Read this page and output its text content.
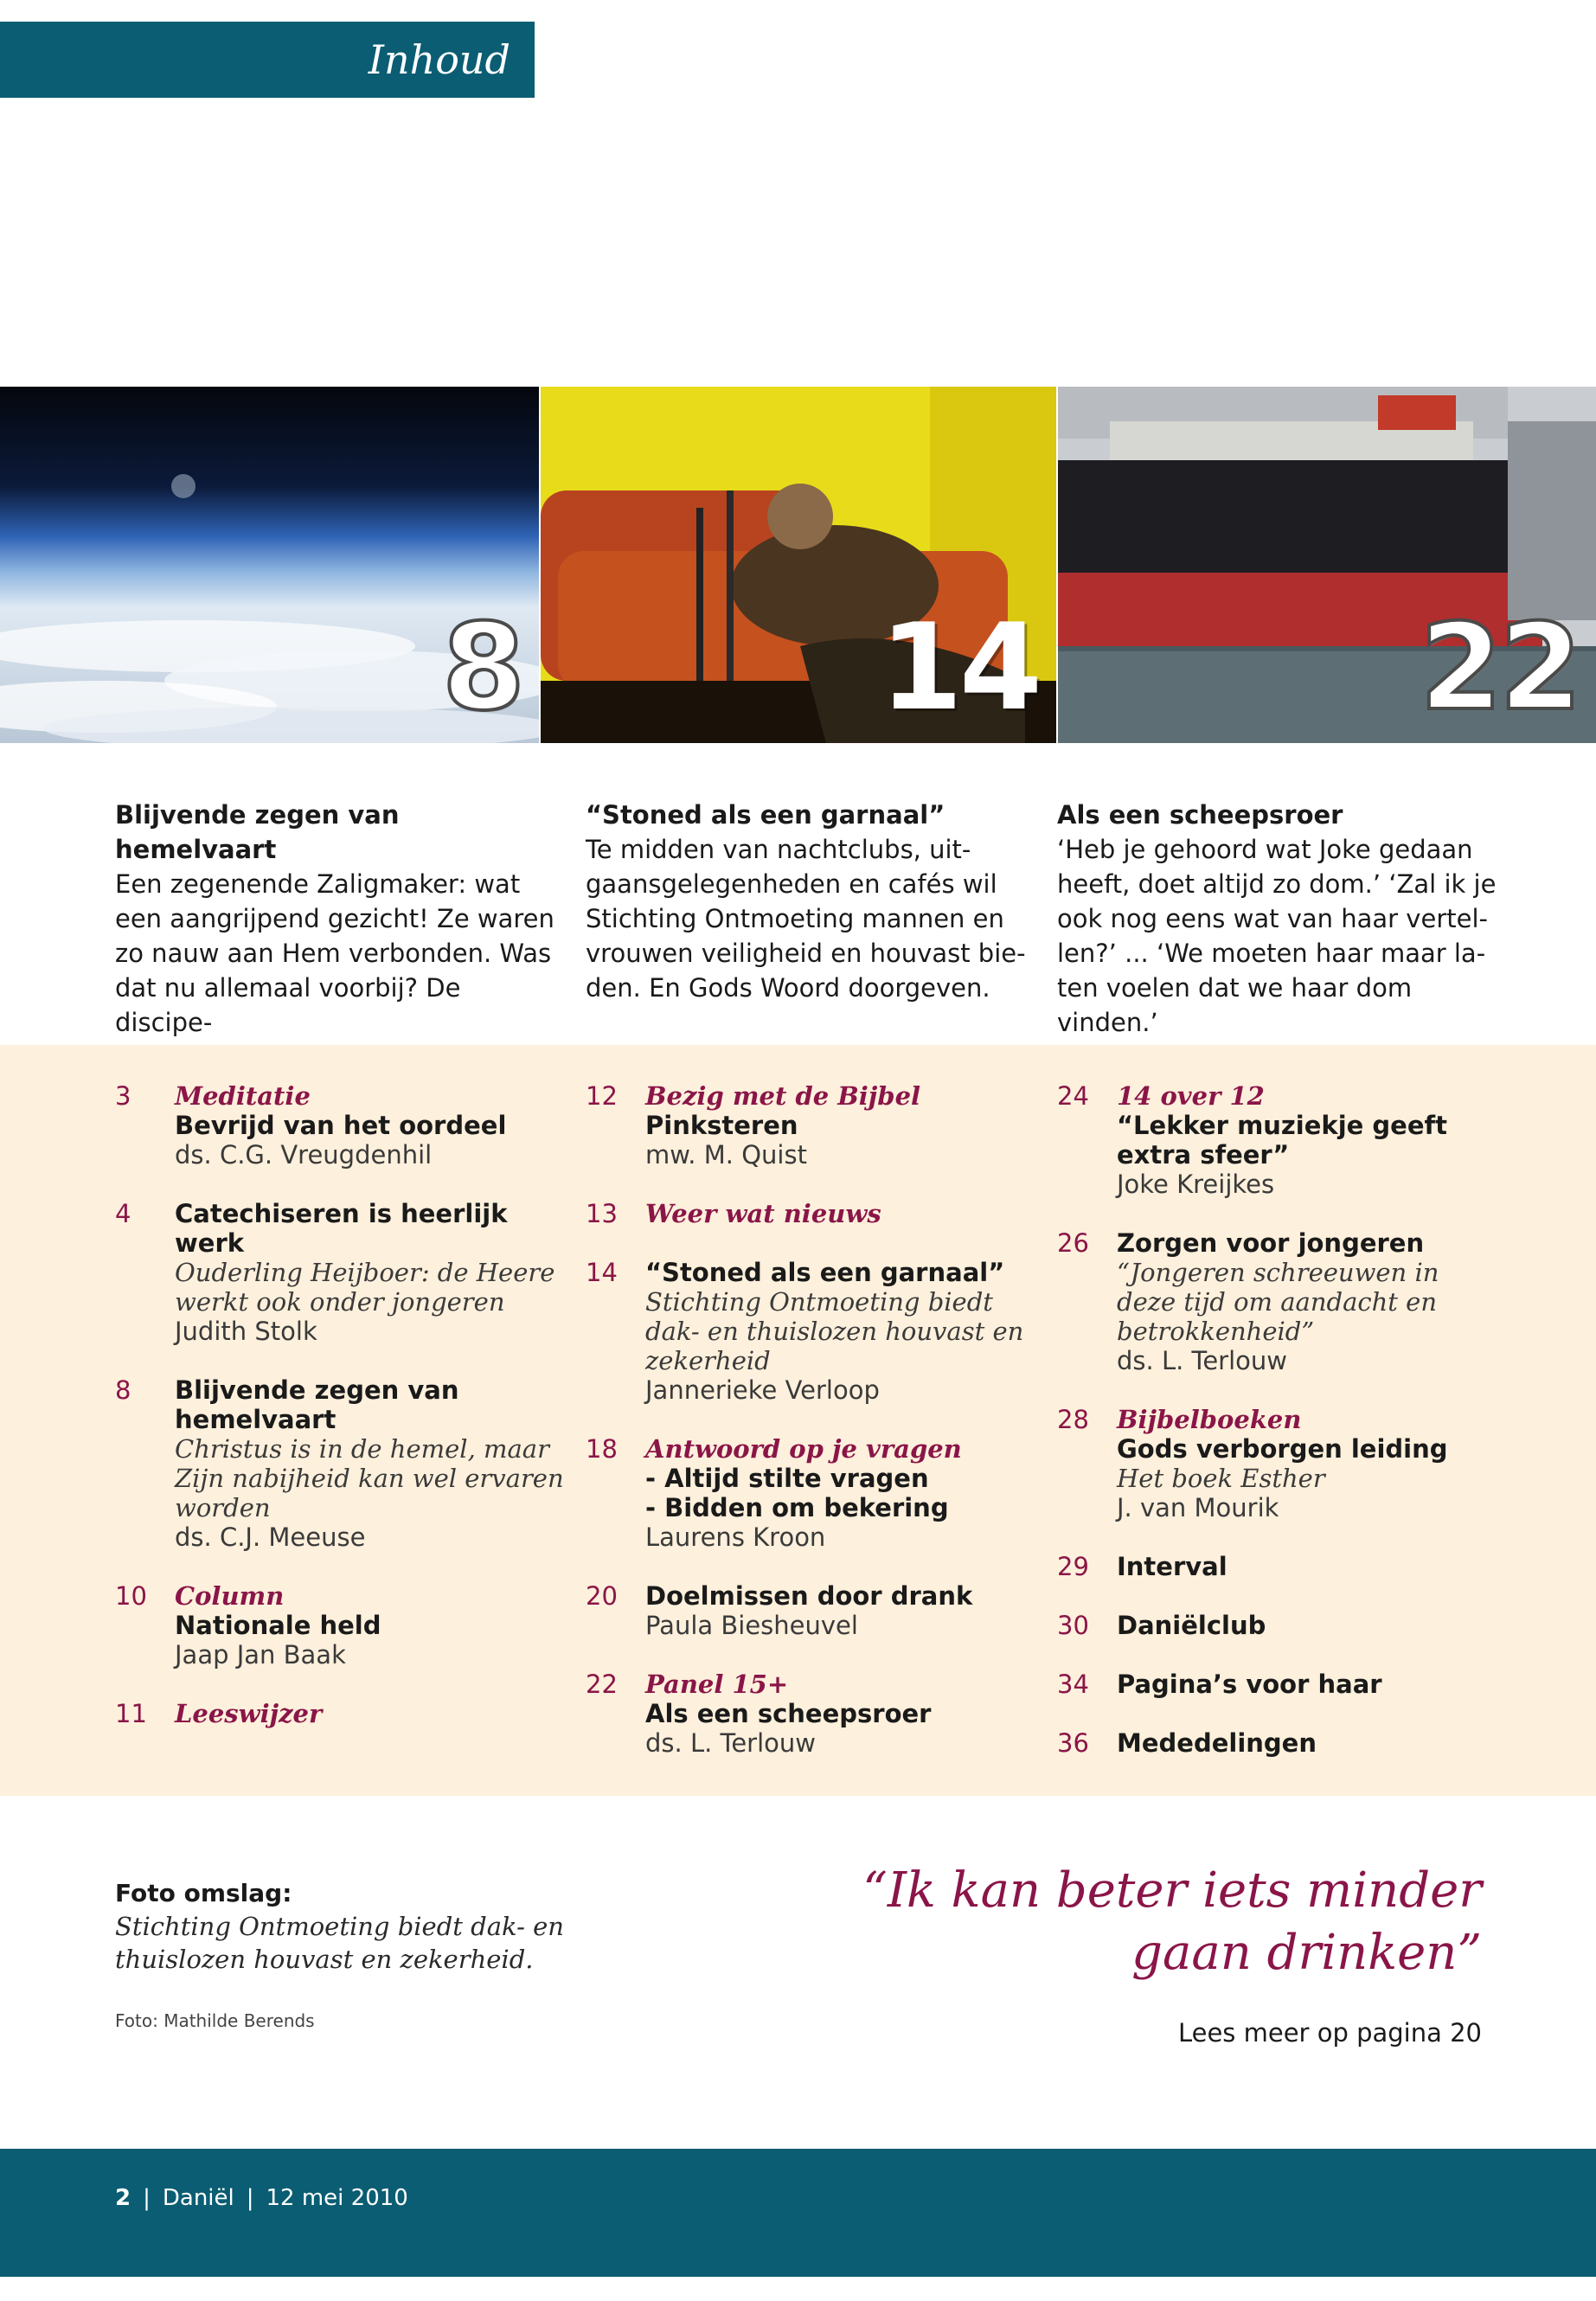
Inhoud
8	14	22
Blijvende zegen van hemelvaart
Een zegenende Zaligmaker: wat
een aangrijpend gezicht! Ze waren
zo nauw aan Hem verbonden. Was
dat nu allemaal voorbij? De discipe-
“Stoned als een garnaal”
Te midden van nachtclubs, uit-
gaansgelegenheden en cafés wil
Stichting Ontmoeting mannen en
vrouwen veiligheid en houvast bie-
den. En Gods Woord doorgeven.
Als een scheepsroer
‘Heb je gehoord wat Joke gedaan
heeft, doet altijd zo dom.’ ‘Zal ik je
ook nog eens wat van haar vertel-
len?’ ... ‘We moeten haar maar la-
ten voelen dat we haar dom vinden.’
3 Meditatie
Bevrijd van het oordeel
ds. C.G. Vreugdenhil
4 Catechiseren is heerlijk werk
Ouderling Heijboer: de Heere
werkt ook onder jongeren
Judith Stolk
8 Blijvende zegen van
hemelvaart
Christus is in de hemel, maar
Zijn nabijheid kan wel ervaren
worden
ds. C.J. Meeuse
10 Column
Nationale held
Jaap Jan Baak
11 Leeswijzer
12 Bezig met de Bijbel
Pinksteren
mw. M. Quist
13 Weer wat nieuws
14 “Stoned als een garnaal”
Stichting Ontmoeting biedt
dak- en thuislozen houvast en
zekerheid
Jannerieke Verloop
18 Antwoord op je vragen
- Altijd stilte vragen
- Bidden om bekering
Laurens Kroon
20 Doelmissen door drank
Paula Biesheuvel
22 Panel 15+
Als een scheepsroer
ds. L. Terlouw
24 14 over 12
“Lekker muziekje geeft
extra sfeer”
Joke Kreijkes
26 Zorgen voor jongeren
“Jongeren schreeuwen in
deze tijd om aandacht en
betrokkenheid”
ds. L. Terlouw
28 Bijbelboeken
Gods verborgen leiding
Het boek Esther
J. van Mourik
29 Interval
30 Daniëlclub
34 Pagina’s voor haar
36 Mededelingen
Foto omslag:
Stichting Ontmoeting biedt dak- en
thuislozen houvast en zekerheid.
Foto: Mathilde Berends
“Ik kan beter iets minder
gaan drinken”
Lees meer op pagina 20
2 | Daniël | 12 mei 2010
